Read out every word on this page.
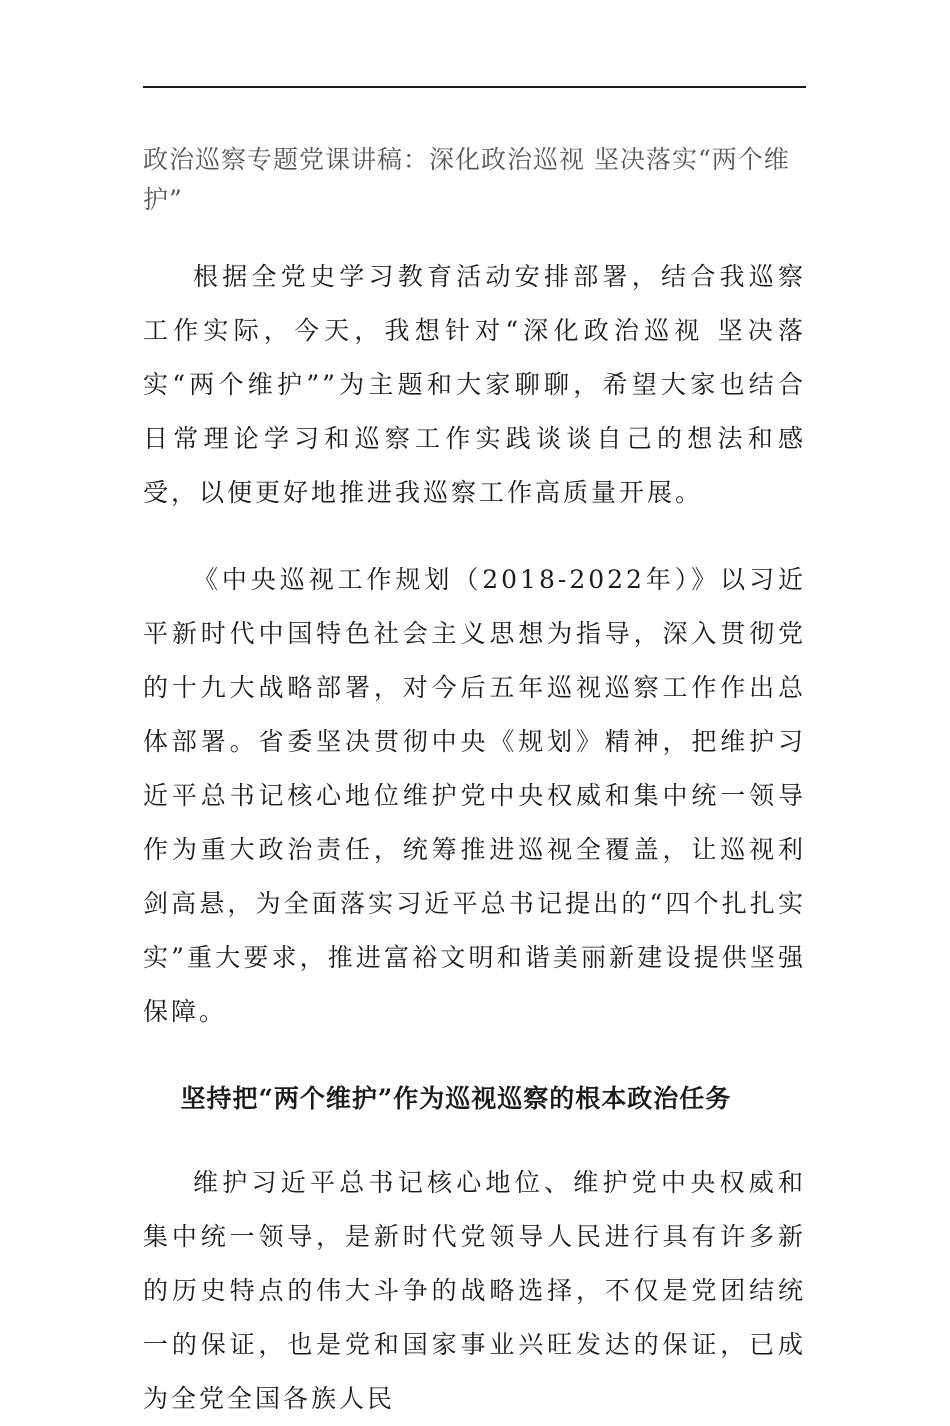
政治巡察专题党课讲稿：深化政治巡视 坚决落实“两个维护”

根据全党史学习教育活动安排部署，结合我巡察工作实际，今天，我想针对“深化政治巡视 坚决落实“两个维护””为主题和大家聊聊，希望大家也结合日常理论学习和巡察工作实践谈谈自己的想法和感受，以便更好地推进我巡察工作高质量开展。

《中央巡视工作规划（2018-2022年）》以习近平新时代中国特色社会主义思想为指导，深入贯彻党的十九大战略部署，对今后五年巡视巡察工作作出总体部署。省委坚决贯彻中央《规划》精神，把维护习近平总书记核心地位维护党中央权威和集中统一领导作为重大政治责任，统筹推进巡视全覆盖，让巡视利剑高悬，为全面落实习近平总书记提出的“四个扎扎实实”重大要求，推进富裕文明和谐美丽新建设提供坚强保障。

坚持把“两个维护”作为巡视巡察的根本政治任务

维护习近平总书记核心地位、维护党中央权威和集中统一领导，是新时代党领导人民进行具有许多新的历史特点的伟大斗争的战略选择，不仅是党团结统一的保证，也是党和国家事业兴旺发达的保证，已成为全党全国各族人民
